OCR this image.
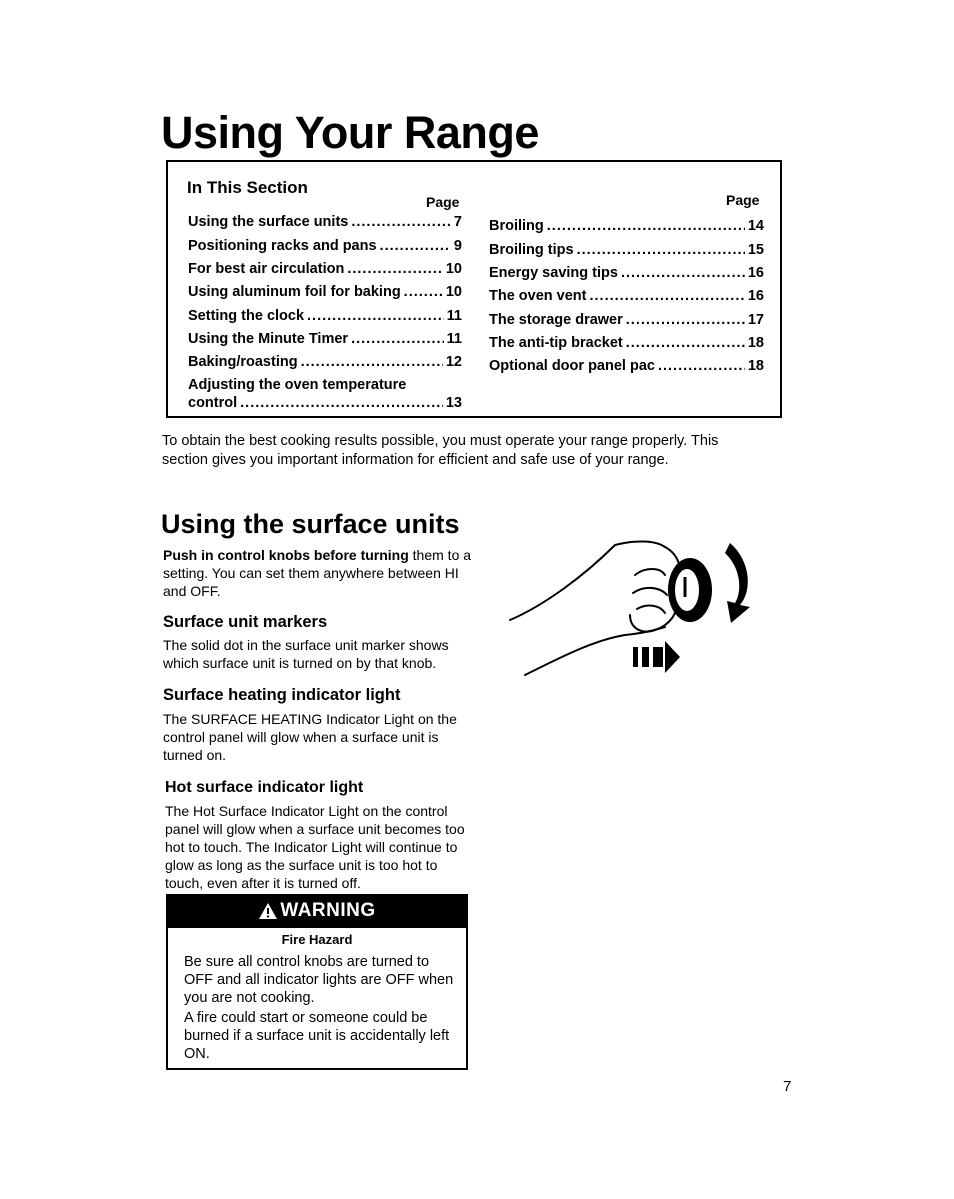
Using Your Range
In This Section
Page	Page
Using the surface units .....	7
Positioning racks and pans .....	9
For best air circulation .....	10
Using aluminum foil for baking .....	10
Setting the clock .....	11
Using the Minute Timer .....	11
Baking/roasting .....	12
Adjusting the oven temperature
control .....	13
Broiling .....	14
Broiling tips .....	15
Energy saving tips .....	16
The oven vent .....	16
The storage drawer .....	17
The anti-tip bracket .....	18
Optional door panel pac .....	18
To obtain the best cooking results possible, you must operate your range properly. This section gives you important information for efficient and safe use of your range.
Using the surface units
Push in control knobs before turning them to a setting. You can set them anywhere between HI and OFF.
Surface unit markers
The solid dot in the surface unit marker shows which surface unit is turned on by that knob.
Surface heating indicator light
The SURFACE HEATING Indicator Light on the control panel will glow when a surface unit is turned on.
Hot surface indicator light
The Hot Surface Indicator Light on the control panel will glow when a surface unit becomes too hot to touch. The Indicator Light will continue to glow as long as the surface unit is too hot to touch, even after it is turned off.
WARNING
Fire Hazard
Be sure all control knobs are turned to OFF and all indicator lights are OFF when you are not cooking.
A fire could start or someone could be burned if a surface unit is accidentally left ON.
7
